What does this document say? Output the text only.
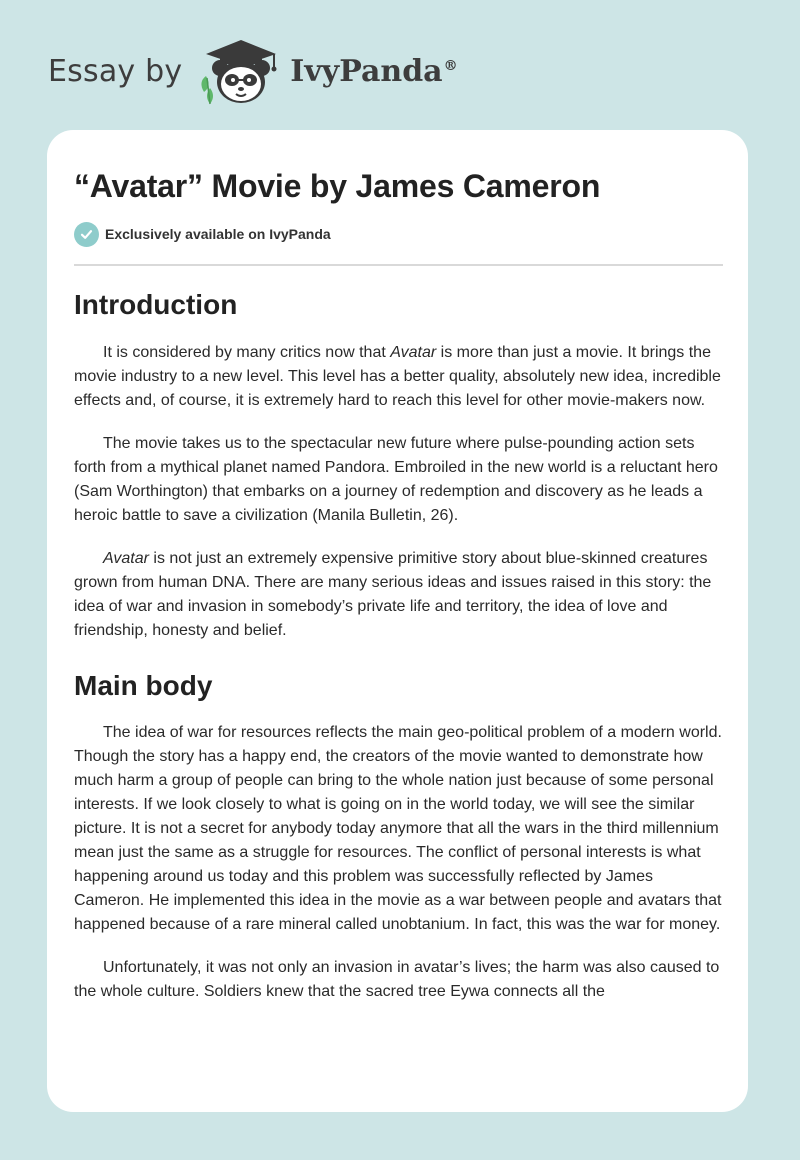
Essay by	IvyPanda®
“Avatar” Movie by James Cameron
Exclusively available on IvyPanda
Introduction

It is considered by many critics now that Avatar is more than just a movie. It brings the movie industry to a new level. This level has a better quality, absolutely new idea, incredible effects and, of course, it is extremely hard to reach this level for other movie-makers now.

The movie takes us to the spectacular new future where pulse-pounding action sets forth from a mythical planet named Pandora. Embroiled in the new world is a reluctant hero (Sam Worthington) that embarks on a journey of redemption and discovery as he leads a heroic battle to save a civilization (Manila Bulletin, 26).

Avatar is not just an extremely expensive primitive story about blue-skinned creatures grown from human DNA. There are many serious ideas and issues raised in this story: the idea of war and invasion in somebody’s private life and territory, the idea of love and friendship, honesty and belief.

Main body

The idea of war for resources reflects the main geo-political problem of a modern world. Though the story has a happy end, the creators of the movie wanted to demonstrate how much harm a group of people can bring to the whole nation just because of some personal interests. If we look closely to what is going on in the world today, we will see the similar picture. It is not a secret for anybody today anymore that all the wars in the third millennium mean just the same as a struggle for resources. The conflict of personal interests is what happening around us today and this problem was successfully reflected by James Cameron. He implemented this idea in the movie as a war between people and avatars that happened because of a rare mineral called unobtanium. In fact, this was the war for money.

Unfortunately, it was not only an invasion in avatar’s lives; the harm was also caused to the whole culture. Soldiers knew that the sacred tree Eywa connects all the
